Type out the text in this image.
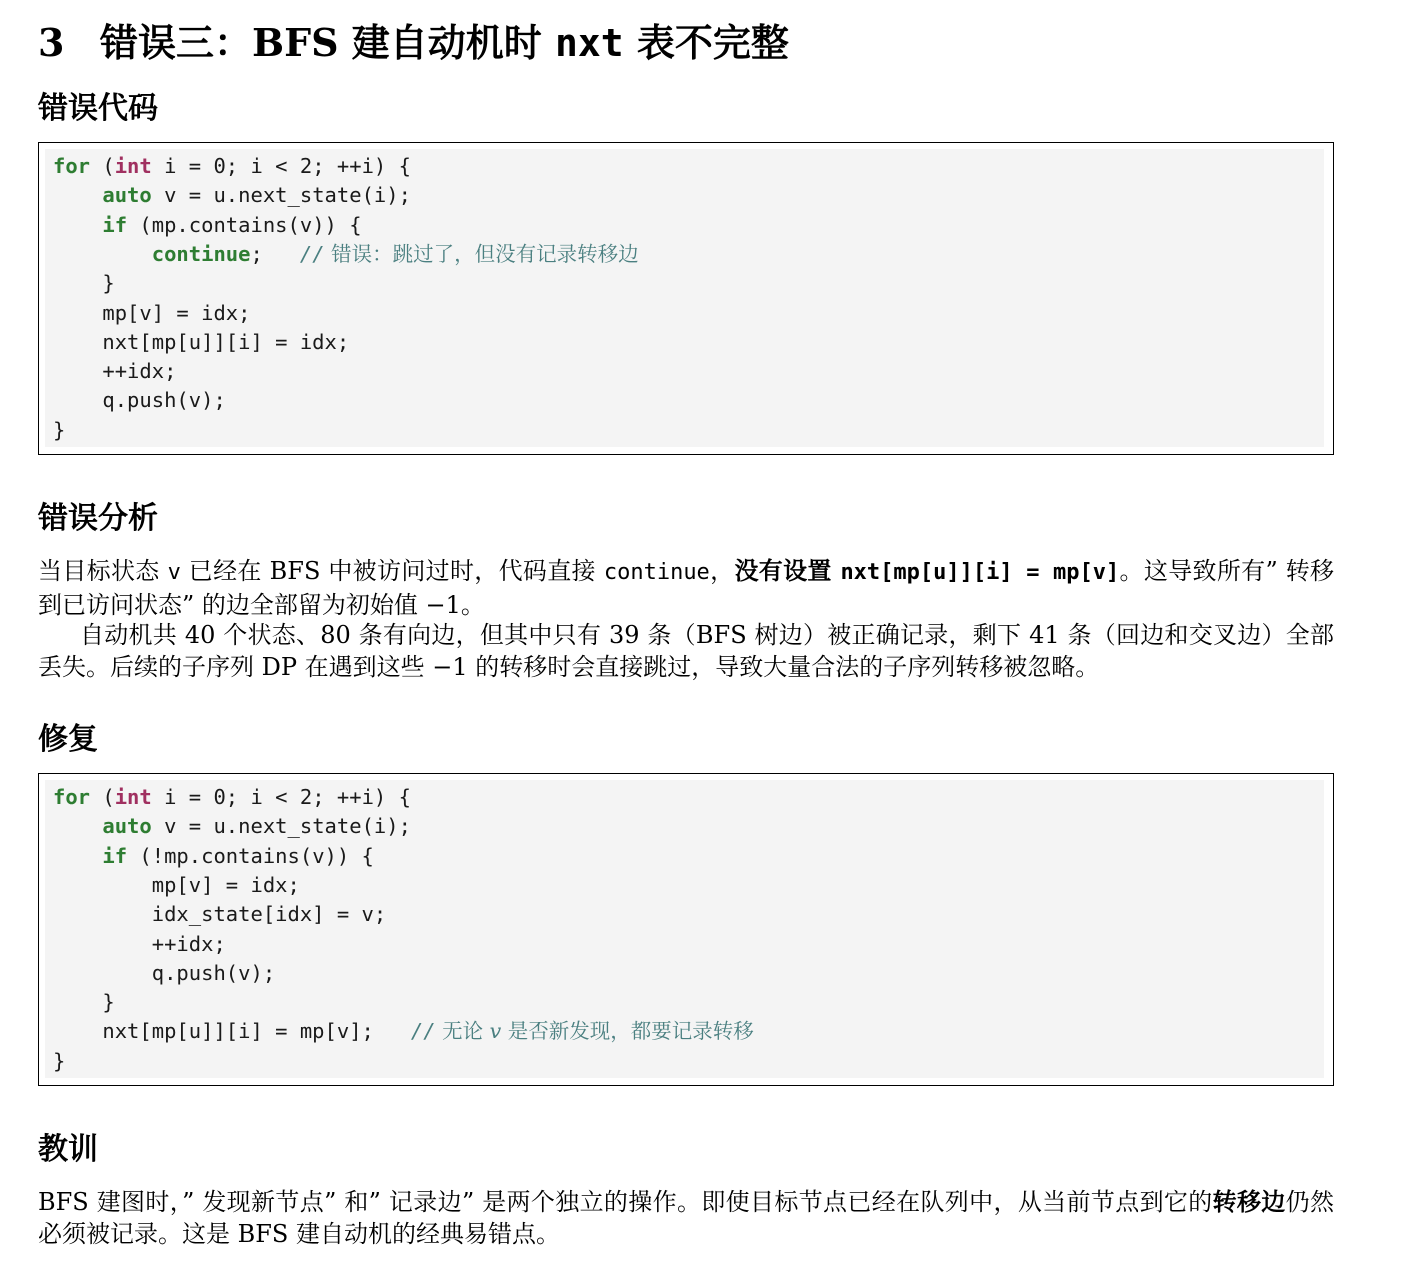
3 错误三：BFS 建自动机时 nxt 表不完整
错误代码
for (int i = 0; i < 2; ++i) {
auto v = u.next_state(i);
if (mp.contains(v)) {
continue;   // 错误：跳过了，但没有记录转移边
}
mp[v] = idx;
nxt[mp[u]][i] = idx;
++idx;
q.push(v);
}
错误分析

当目标状态 v 已经在 BFS 中被访问过时，代码直接 continue，没有设置 nxt[mp[u]][i] = mp[v]。这导致所有” 转移到已访问状态” 的边全部留为初始值 −1。

自动机共 40 个状态、80 条有向边，但其中只有 39 条（BFS 树边）被正确记录，剩下 41 条（回边和交叉边）全部丢失。后续的子序列 DP 在遇到这些 −1 的转移时会直接跳过，导致大量合法的子序列转移被忽略。

修复
for (int i = 0; i < 2; ++i) {
auto v = u.next_state(i);
if (!mp.contains(v)) {
mp[v] = idx;
idx_state[idx] = v;
++idx;
q.push(v);
}
nxt[mp[u]][i] = mp[v];   // 无论 v 是否新发现，都要记录转移
}
教训

BFS 建图时，” 发现新节点” 和” 记录边” 是两个独立的操作。即使目标节点已经在队列中，从当前节点到它的转移边仍然必须被记录。这是 BFS 建自动机的经典易错点。
